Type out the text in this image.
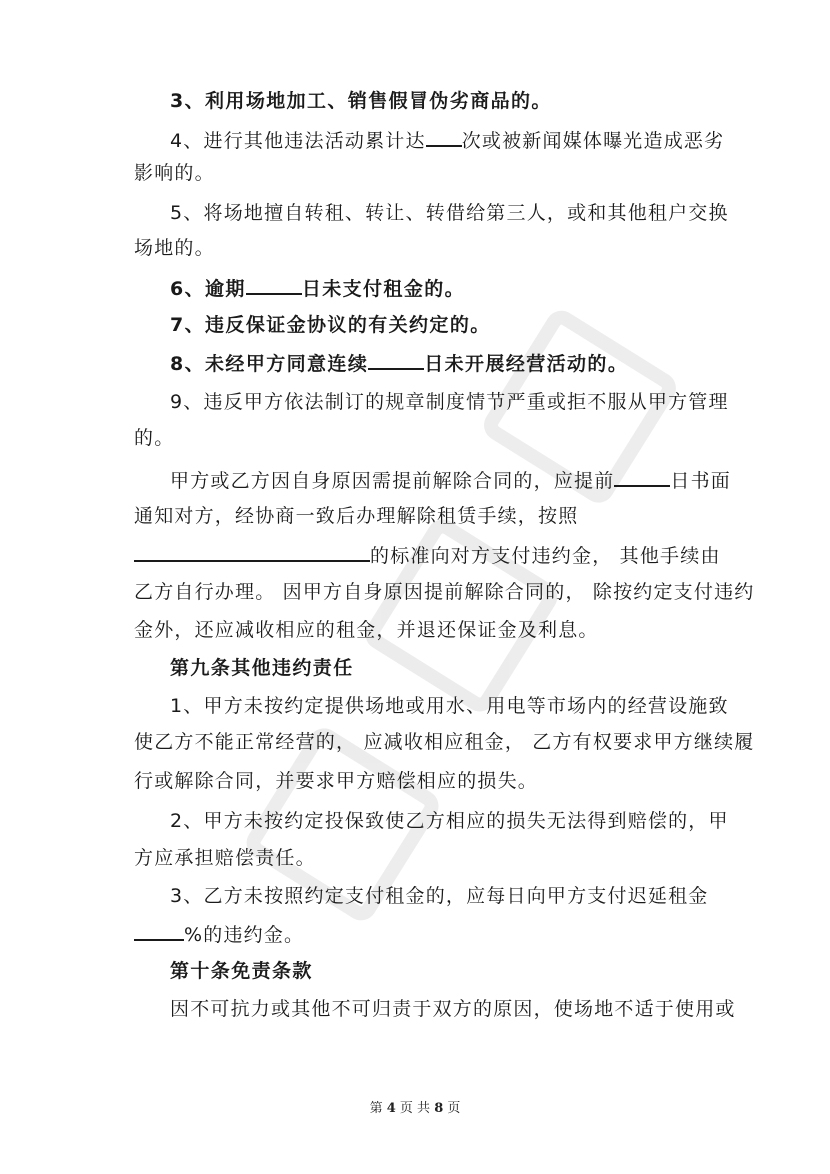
3、利用场地加工、销售假冒伪劣商品的。

4、进行其他违法活动累计达 次或被新闻媒体曝光造成恶劣

影响的。

5、将场地擅自转租、转让、转借给第三人，或和其他租户交换

场地的。

6、逾期	日未支付租金的。

7、违反保证金协议的有关约定的。

8、未经甲方同意连续	日未开展经营活动的。

9、违反甲方依法制订的规章制度情节严重或拒不服从甲方管理

的。

甲方或乙方因自身原因需提前解除合同的，应提前	日书面

通知对方，经协商一致后办理解除租赁手续，按照

的标准向对方支付违约金， 其他手续由

乙方自行办理。 因甲方自身原因提前解除合同的， 除按约定支付违约

金外，还应减收相应的租金，并退还保证金及利息。

第九条其他违约责任

1、甲方未按约定提供场地或用水、用电等市场内的经营设施致

使乙方不能正常经营的， 应减收相应租金， 乙方有权要求甲方继续履

行或解除合同，并要求甲方赔偿相应的损失。

2、甲方未按约定投保致使乙方相应的损失无法得到赔偿的，甲

方应承担赔偿责任。

3、乙方未按照约定支付租金的，应每日向甲方支付迟延租金

%的违约金。

第十条免责条款

因不可抗力或其他不可归责于双方的原因，使场地不适于使用或

第 4 页 共 8 页
